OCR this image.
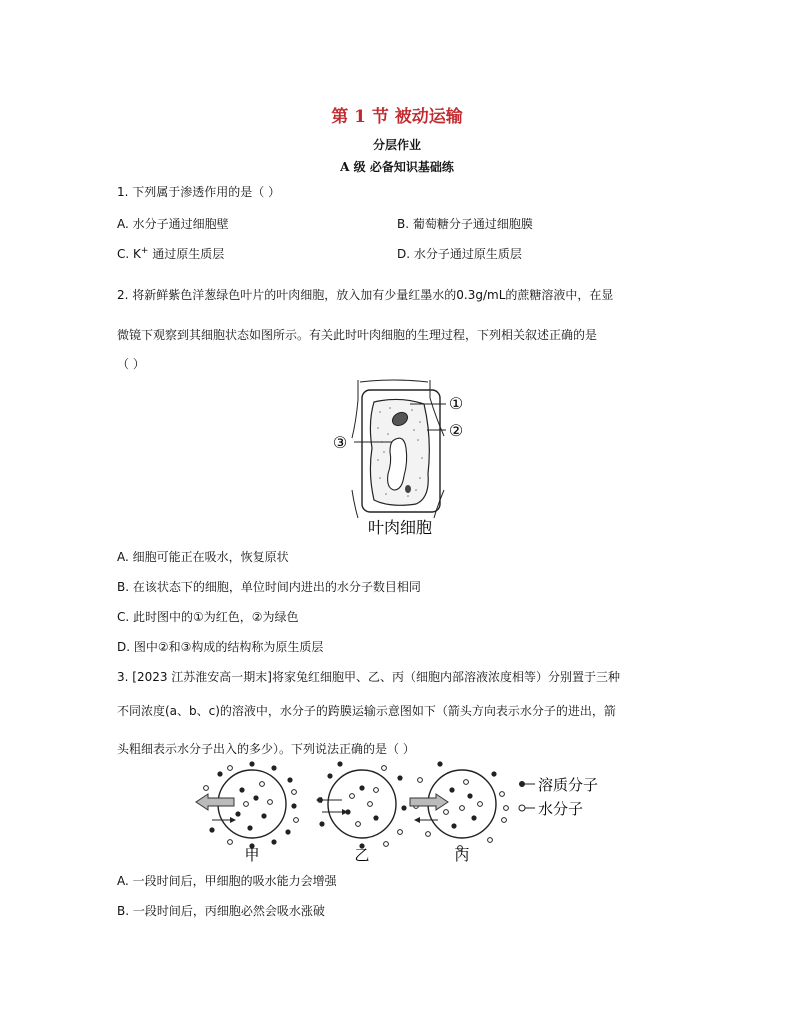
第 1 节 被动运输
分层作业
A 级 必备知识基础练
1. 下列属于渗透作用的是（ ）
A. 水分子通过细胞壁	B. 葡萄糖分子通过细胞膜
C. K+ 通过原生质层	D. 水分子通过原生质层
2. 将新鲜紫色洋葱绿色叶片的叶肉细胞，放入加有少量红墨水的0.3g/mL的蔗糖溶液中，在显
微镜下观察到其细胞状态如图所示。有关此时叶肉细胞的生理过程，下列相关叙述正确的是
（ ）
①
②
③
叶肉细胞
A. 细胞可能正在吸水，恢复原状
B. 在该状态下的细胞，单位时间内进出的水分子数目相同
C. 此时图中的①为红色，②为绿色
D. 图中②和③构成的结构称为原生质层
3. [2023 江苏淮安高一期末]将家兔红细胞甲、乙、丙（细胞内部溶液浓度相等）分别置于三种
不同浓度(a、b、c)的溶液中，水分子的跨膜运输示意图如下（箭头方向表示水分子的进出，箭
头粗细表示水分子出入的多少）。下列说法正确的是（ ）
溶质分子
水分子
甲	乙	丙
A. 一段时间后，甲细胞的吸水能力会增强
B. 一段时间后，丙细胞必然会吸水涨破
